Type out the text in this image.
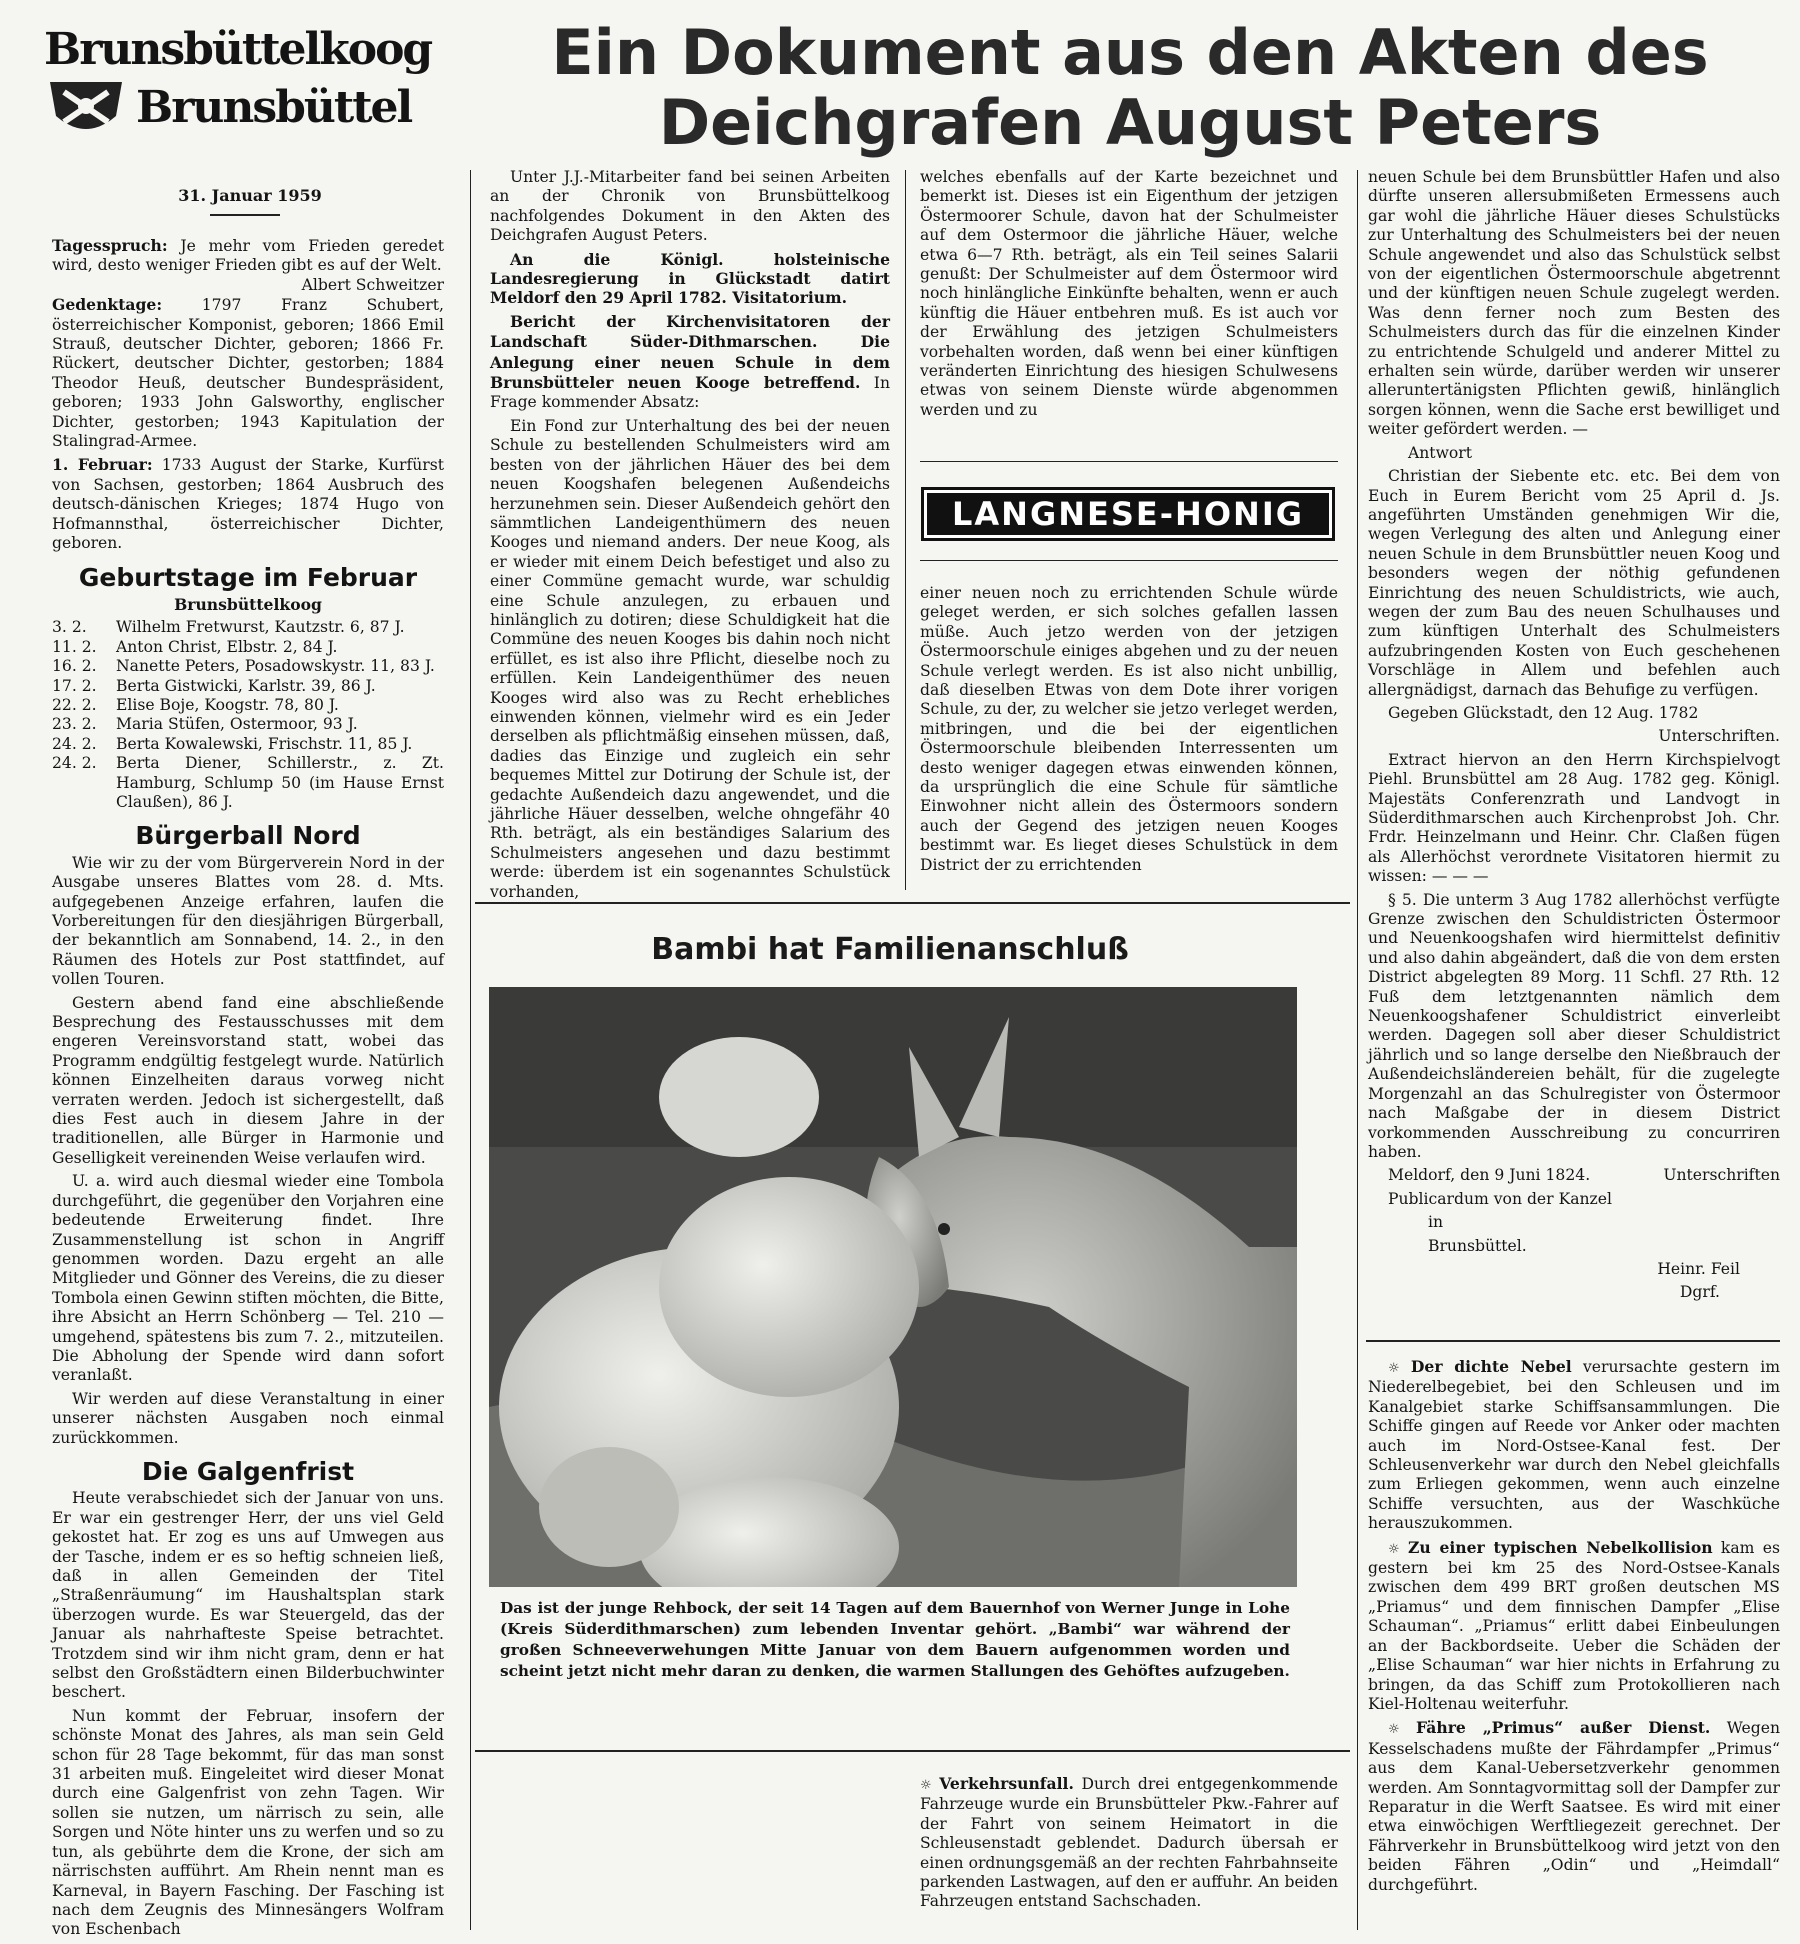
Brunsbüttelkoog
Brunsbüttel
31. Januar 1959
Ein Dokument aus den Akten des
Deichgrafen August Peters

Tagesspruch: Je mehr vom Frieden geredet wird, desto weniger Frieden gibt es auf der Welt.
Albert Schweitzer

Gedenktage:	1797 Franz Schubert, österreichischer Komponist, geboren; 1866 Emil Strauß, deutscher Dichter, geboren; 1866 Fr. Rückert, deutscher Dichter, gestorben; 1884 Theodor Heuß, deutscher Bundespräsident, geboren; 1933 John Galsworthy, englischer Dichter, gestorben; 1943 Kapitulation der Stalingrad-Armee.

1. Februar: 1733 August der Starke, Kurfürst von Sachsen, gestorben; 1864 Ausbruch des deutsch-dänischen Krieges; 1874 Hugo von Hofmannsthal, österreichischer Dichter, geboren.

Geburtstage im Februar
Brunsbüttelkoog
3. 2.	Wilhelm Fretwurst, Kautzstr. 6, 87 J.
11. 2.	Anton Christ, Elbstr. 2, 84 J.
16. 2.	Nanette Peters, Posadowskystr. 11, 83 J.
17. 2.	Berta Gistwicki, Karlstr. 39, 86 J.
22. 2.	Elise Boje, Koogstr. 78, 80 J.
23. 2.	Maria Stüfen, Ostermoor, 93 J.
24. 2.	Berta Kowalewski, Frischstr. 11, 85 J.
24. 2.	Berta Diener, Schillerstr., z. Zt. Hamburg, Schlump 50 (im Hause Ernst Claußen), 86 J.
Bürgerball Nord

Wie wir zu der vom Bürgerverein Nord in der Ausgabe unseres Blattes vom 28. d. Mts. aufgegebenen Anzeige erfahren, laufen die Vorbereitungen für den diesjährigen Bürgerball, der bekanntlich am Sonnabend, 14. 2., in den Räumen des Hotels zur Post stattfindet, auf vollen Touren.

Gestern abend fand eine abschließende Besprechung des Festausschusses mit dem engeren Vereinsvorstand statt, wobei das Programm endgültig festgelegt wurde. Natürlich können Einzelheiten daraus vorweg nicht verraten werden. Jedoch ist sichergestellt, daß dies Fest auch in diesem Jahre in der traditionellen, alle Bürger in Harmonie und Geselligkeit vereinenden Weise verlaufen wird.

U. a. wird auch diesmal wieder eine Tombola durchgeführt, die gegenüber den Vorjahren eine bedeutende Erweiterung findet. Ihre Zusammenstellung ist schon in Angriff genommen worden. Dazu ergeht an alle Mitglieder und Gönner des Vereins, die zu dieser Tombola einen Gewinn stiften möchten, die Bitte, ihre Absicht an Herrn Schönberg — Tel. 210 — umgehend, spätestens bis zum 7. 2., mitzuteilen. Die Abholung der Spende wird dann sofort veranlaßt.

Wir werden auf diese Veranstaltung in einer unserer nächsten Ausgaben noch einmal zurückkommen.

Die Galgenfrist

Heute verabschiedet sich der Januar von uns. Er war ein gestrenger Herr, der uns viel Geld gekostet hat. Er zog es uns auf Umwegen aus der Tasche, indem er es so heftig schneien ließ, daß in allen Gemeinden der Titel „Straßenräumung“ im Haushaltsplan stark überzogen wurde. Es war Steuergeld, das der Januar als nahrhafteste Speise betrachtet. Trotzdem sind wir ihm nicht gram, denn er hat selbst den Großstädtern einen Bilderbuchwinter beschert.

Nun kommt der Februar, insofern der schönste Monat des Jahres, als man sein Geld schon für 28 Tage bekommt, für das man sonst 31 arbeiten muß. Eingeleitet wird dieser Monat durch eine Galgenfrist von zehn Tagen. Wir sollen sie nutzen, um närrisch zu sein, alle Sorgen und Nöte hinter uns zu werfen und so zu tun, als gebührte dem die Krone, der sich am närrischsten aufführt. Am Rhein nennt man es Karneval, in Bayern Fasching. Der Fasching ist nach dem Zeugnis des Minnesängers Wolfram von Eschenbach

Unter J.J.-Mitarbeiter fand bei seinen Arbeiten an der Chronik von Brunsbüttelkoog nachfolgendes Dokument in den Akten des Deichgrafen August Peters.

An die Königl. holsteinische Landesregierung in Glückstadt datirt Meldorf den 29 April 1782. Visitatorium.

Bericht der Kirchenvisitatoren der Landschaft Süder-Dithmarschen. Die Anlegung einer neuen Schule in dem Brunsbütteler neuen Kooge betreffend. In Frage kommender Absatz:

Ein Fond zur Unterhaltung des bei der neuen Schule zu bestellenden Schulmeisters wird am besten von der jährlichen Häuer des bei dem neuen Koogshafen belegenen Außendeichs herzunehmen sein. Dieser Außendeich gehört den sämmtlichen Landeigenthümern des neuen Kooges und niemand anders. Der neue Koog, als er wieder mit einem Deich befestiget und also zu einer Commüne gemacht wurde, war schuldig eine Schule anzulegen, zu erbauen und hinlänglich zu dotiren; diese Schuldigkeit hat die Commüne des neuen Kooges bis dahin noch nicht erfüllet, es ist also ihre Pflicht, dieselbe noch zu erfüllen. Kein Landeigenthümer des neuen Kooges wird also was zu Recht erhebliches einwenden können, vielmehr wird es ein Jeder derselben als pflichtmäßig einsehen müssen, daß, dadies das Einzige und zugleich ein sehr bequemes Mittel zur Dotirung der Schule ist, der gedachte Außendeich dazu angewendet, und die jährliche Häuer desselben, welche ohngefähr 40 Rth. beträgt, als ein beständiges Salarium des Schulmeisters angesehen und dazu bestimmt werde: überdem ist ein sogenanntes Schulstück vorhanden,

welches ebenfalls auf der Karte bezeichnet und bemerkt ist. Dieses ist ein Eigenthum der jetzigen Östermoorer Schule, davon hat der Schulmeister auf dem Ostermoor die jährliche Häuer, welche etwa 6—7 Rth. beträgt, als ein Teil seines Salarii genußt: Der Schulmeister auf dem Östermoor wird noch hinlängliche Einkünfte behalten, wenn er auch künftig die Häuer entbehren muß. Es ist auch vor der Erwählung des jetzigen Schulmeisters vorbehalten worden, daß wenn bei einer künftigen veränderten Einrichtung des hiesigen Schulwesens etwas von seinem Dienste würde abgenommen werden und zu

LANGNESE-HONIG

einer neuen noch zu errichtenden Schule würde geleget werden, er sich solches gefallen lassen müße. Auch jetzo werden von der jetzigen Östermoorschule einiges abgehen und zu der neuen Schule verlegt werden. Es ist also nicht unbillig, daß dieselben Etwas von dem Dote ihrer vorigen Schule, zu der, zu welcher sie jetzo verleget werden, mitbringen, und die bei der eigentlichen Östermoorschule bleibenden Interressenten um desto weniger dagegen etwas einwenden können, da ursprünglich die eine Schule für sämtliche Einwohner nicht allein des Östermoors sondern auch der Gegend des jetzigen neuen Kooges bestimmt war. Es lieget dieses Schulstück in dem District der zu errichtenden

neuen Schule bei dem Brunsbüttler Hafen und also dürfte unseren allersubmißeten Ermessens auch gar wohl die jährliche Häuer dieses Schulstücks zur Unterhaltung des Schulmeisters bei der neuen Schule angewendet und also das Schulstück selbst von der eigentlichen Östermoorschule abgetrennt und der künftigen neuen Schule zugelegt werden. Was denn ferner noch zum Besten des Schulmeisters durch das für die einzelnen Kinder zu entrichtende Schulgeld und anderer Mittel zu erhalten sein würde, darüber werden wir unserer alleruntertänigsten Pflichten gewiß, hinlänglich sorgen können, wenn die Sache erst bewilliget und weiter gefördert werden. —

Antwort

Christian der Siebente etc. etc. Bei dem von Euch in Eurem Bericht vom 25 April d. Js. angeführten Umständen genehmigen Wir die, wegen Verlegung des alten und Anlegung einer neuen Schule in dem Brunsbüttler neuen Koog und besonders wegen der nöthig gefundenen Einrichtung des neuen Schuldistricts, wie auch, wegen der zum Bau des neuen Schulhauses und zum künftigen Unterhalt des Schulmeisters aufzubringenden Kosten von Euch geschehenen Vorschläge in Allem und befehlen auch allergnädigst, darnach das Behufige zu verfügen.

Gegeben Glückstadt, den 12 Aug. 1782

Unterschriften.

Extract hiervon an den Herrn Kirchspielvogt Piehl. Brunsbüttel am 28 Aug. 1782 geg. Königl. Majestäts Conferenzrath und Landvogt in Süderdithmarschen auch Kirchenprobst Joh. Chr. Frdr. Heinzelmann und Heinr. Chr. Claßen fügen als Allerhöchst verordnete Visitatoren hiermit zu wissen: — — —

§ 5. Die unterm 3 Aug 1782 allerhöchst verfügte Grenze zwischen den Schuldistricten Östermoor und Neuenkoogshafen wird hiermittelst definitiv und also dahin abgeändert, daß die von dem ersten District abgelegten 89 Morg. 11 Schfl. 27 Rth. 12 Fuß dem letztgenannten nämlich dem Neuenkoogshafener Schuldistrict einverleibt werden. Dagegen soll aber dieser Schuldistrict jährlich und so lange derselbe den Nießbrauch der Außendeichsländereien behält, für die zugelegte Morgenzahl an das Schulregister von Östermoor nach Maßgabe der in diesem District vorkommenden Ausschreibung zu concurriren haben.

Meldorf, den 9 Juni 1824.	Unterschriften

Publicardum von der Kanzel

in

Brunsbüttel.

Heinr. Feil

Dgrf.

Bambi hat Familienanschluß
Das ist der junge Rehbock, der seit 14 Tagen auf dem Bauernhof von Werner Junge in Lohe (Kreis Süderdithmarschen) zum lebenden Inventar gehört. „Bambi“ war während der großen Schneeverwehungen Mitte Januar von dem Bauern aufgenommen worden und scheint jetzt nicht mehr daran zu denken, die warmen Stallungen des Gehöftes aufzugeben.

☼ Verkehrsunfall. Durch drei entgegenkommende Fahrzeuge wurde ein Brunsbütteler Pkw.-Fahrer auf der Fahrt von seinem Heimatort in die Schleusenstadt geblendet. Dadurch übersah er einen ordnungsgemäß an der rechten Fahrbahnseite parkenden Lastwagen, auf den er auffuhr. An beiden Fahrzeugen entstand Sachschaden.

☼ Der dichte Nebel verursachte gestern im Niederelbegebiet, bei den Schleusen und im Kanalgebiet starke Schiffsansammlungen. Die Schiffe gingen auf Reede vor Anker oder machten auch im Nord-Ostsee-Kanal fest. Der Schleusenverkehr war durch den Nebel gleichfalls zum Erliegen gekommen, wenn auch einzelne Schiffe versuchten, aus der Waschküche herauszukommen.

☼ Zu einer typischen Nebelkollision kam es gestern bei km 25 des Nord-Ostsee-Kanals zwischen dem 499 BRT großen deutschen MS „Priamus“ und dem finnischen Dampfer „Elise Schauman“. „Priamus“ erlitt dabei Einbeulungen an der Backbordseite. Ueber die Schäden der „Elise Schauman“ war hier nichts in Erfahrung zu bringen, da das Schiff zum Protokollieren nach Kiel-Holtenau weiterfuhr.

☼ Fähre „Primus“ außer Dienst. Wegen Kesselschadens mußte der Fährdampfer „Primus“ aus dem Kanal-Uebersetzverkehr genommen werden. Am Sonntagvormittag soll der Dampfer zur Reparatur in die Werft Saatsee. Es wird mit einer etwa einwöchigen Werftliegezeit gerechnet. Der Fährverkehr in Brunsbüttelkoog wird jetzt von den beiden Fähren „Odin“ und „Heimdall“ durchgeführt.
